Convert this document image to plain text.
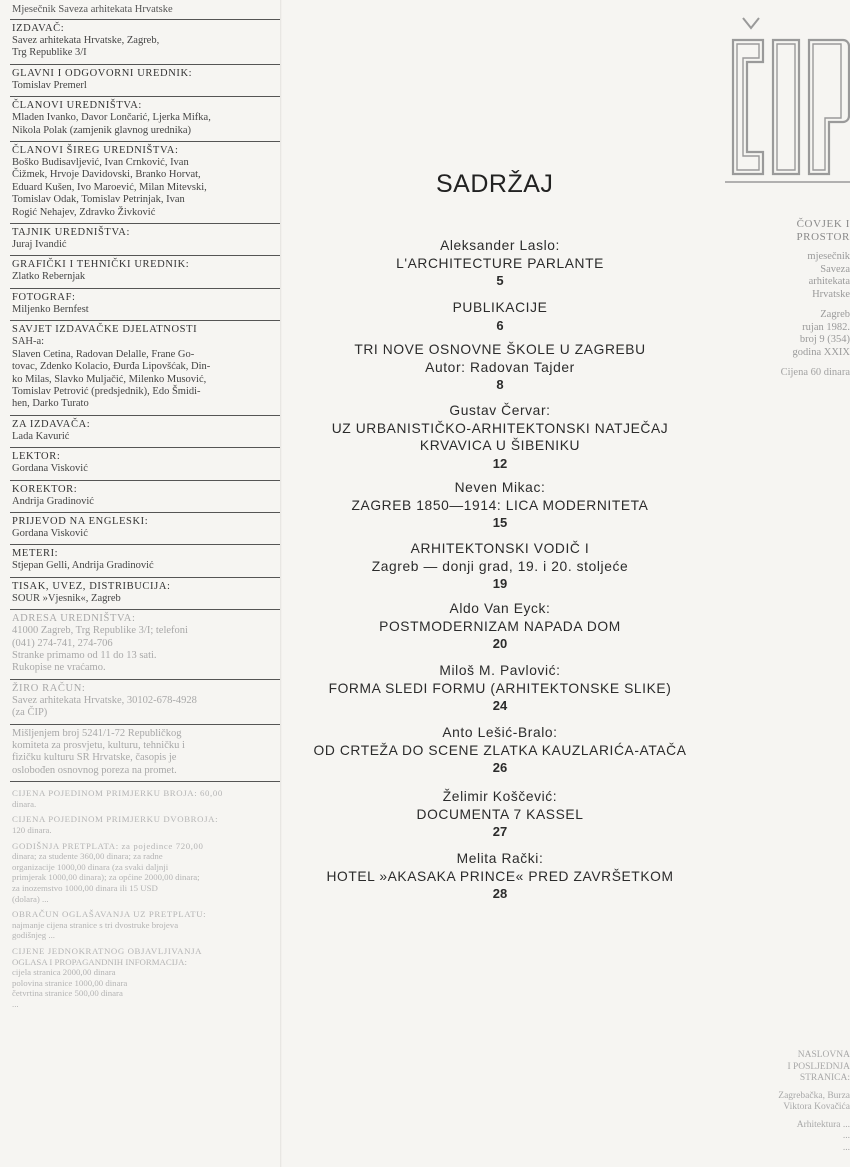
Mjesečnik Saveza arhitekata Hrvatske
IZDAVAČ:
Savez arhitekata Hrvatske, Zagreb,
Trg Republike 3/I
GLAVNI I ODGOVORNI UREDNIK:
Tomislav Premerl
ČLANOVI UREDNIŠTVA:
Mladen Ivanko, Davor Lončarić, Ljerka Mifka,
Nikola Polak (zamjenik glavnog urednika)
ČLANOVI ŠIREG UREDNIŠTVA:
Boško Budisavljević, Ivan Crnković, Ivan
Čižmek, Hrvoje Davidovski, Branko Horvat,
Eduard Kušen, Ivo Maroević, Milan Mitevski,
Tomislav Odak, Tomislav Petrinjak, Ivan
Rogić Nehajev, Zdravko Živković
TAJNIK UREDNIŠTVA:
Juraj Ivandić
GRAFIČKI I TEHNIČKI UREDNIK:
Zlatko Rebernjak
FOTOGRAF:
Miljenko Bernfest
SAVJET IZDAVAČKE DJELATNOSTI
SAH-a:
Slaven Cetina, Radovan Delalle, Frane Go-
tovac, Zdenko Kolacio, Đurđa Lipovšćak, Din-
ko Milas, Slavko Muljačić, Milenko Musović,
Tomislav Petrović (predsjednik), Edo Šmidi-
hen, Darko Turato
ZA IZDAVAČA:
Lada Kavurić
LEKTOR:
Gordana Visković
KOREKTOR:
Andrija Gradinović
PRIJEVOD NA ENGLESKI:
Gordana Visković
METERI:
Stjepan Gelli, Andrija Gradinović
TISAK, UVEZ, DISTRIBUCIJA:
SOUR »Vjesnik«, Zagreb
ADRESA UREDNIŠTVA:
41000 Zagreb, Trg Republike 3/I; telefoni
(041) 274-741, 274-706
Stranke primamo od 11 do 13 sati.
Rukopise ne vraćamo.
ŽIRO RAČUN:
Savez arhitekata Hrvatske, 30102-678-4928
(za ČIP)
Mišljenjem broj 5241/1-72 Republičkog
komiteta za prosvjetu, kulturu, tehničku i
fizičku kulturu SR Hrvatske, časopis je
oslobođen osnovnog poreza na promet.
CIJENA POJEDINOM PRIMJERKU BROJA: 60,00
dinara.
CIJENA POJEDINOM PRIMJERKU DVOBROJA:
120 dinara.
GODIŠNJA PRETPLATA: za pojedince 720,00
dinara; za studente 360,00 dinara; za radne
organizacije 1000,00 dinara (za svaki daljnji
primjerak 1000,00 dinara); za općine 2000,00 dinara;
za inozemstvo 1000,00 dinara ili 15 USD
(dolara) ...
OBRAČUN OGLAŠAVANJA UZ PRETPLATU:
najmanje cijena stranice s tri dvostruke brojeva
godišnjeg ...
CIJENE JEDNOKRATNOG OBJAVLJIVANJA
OGLASA I PROPAGANDNIH INFORMACIJA:
cijela stranica 2000,00 dinara
polovina stranice 1000,00 dinara
četvrtina stranice 500,00 dinara
...
SADRŽAJ
Aleksander Laslo:
L'ARCHITECTURE PARLANTE
5
PUBLIKACIJE
6
TRI NOVE OSNOVNE ŠKOLE U ZAGREBU
Autor: Radovan Tajder
8
Gustav Červar:
UZ URBANISTIČKO-ARHITEKTONSKI NATJEČAJ
KRVAVICA U ŠIBENIKU
12
Neven Mikac:
ZAGREB 1850—1914: LICA MODERNITETA
15
ARHITEKTONSKI VODIČ I
Zagreb — donji grad, 19. i 20. stoljeće
19
Aldo Van Eyck:
POSTMODERNIZAM NAPADA DOM
20
Miloš M. Pavlović:
FORMA SLEDI FORMU (ARHITEKTONSKE SLIKE)
24
Anto Lešić-Bralo:
OD CRTEŽA DO SCENE ZLATKA KAUZLARIĆA-ATAČA
26
Želimir Koščević:
DOCUMENTA 7 KASSEL
27
Melita Rački:
HOTEL »AKASAKA PRINCE« PRED ZAVRŠETKOM
28
ČOVJEK I
PROSTOR
mjesečnik
Saveza
arhitekata
Hrvatske
Zagreb
rujan 1982.
broj 9 (354)
godina XXIX
Cijena 60 dinara
NASLOVNA
I POSLJEDNJA
STRANICA:
Zagrebačka, Burza
Viktora Kovačića
Arhitektura ...
...
...
